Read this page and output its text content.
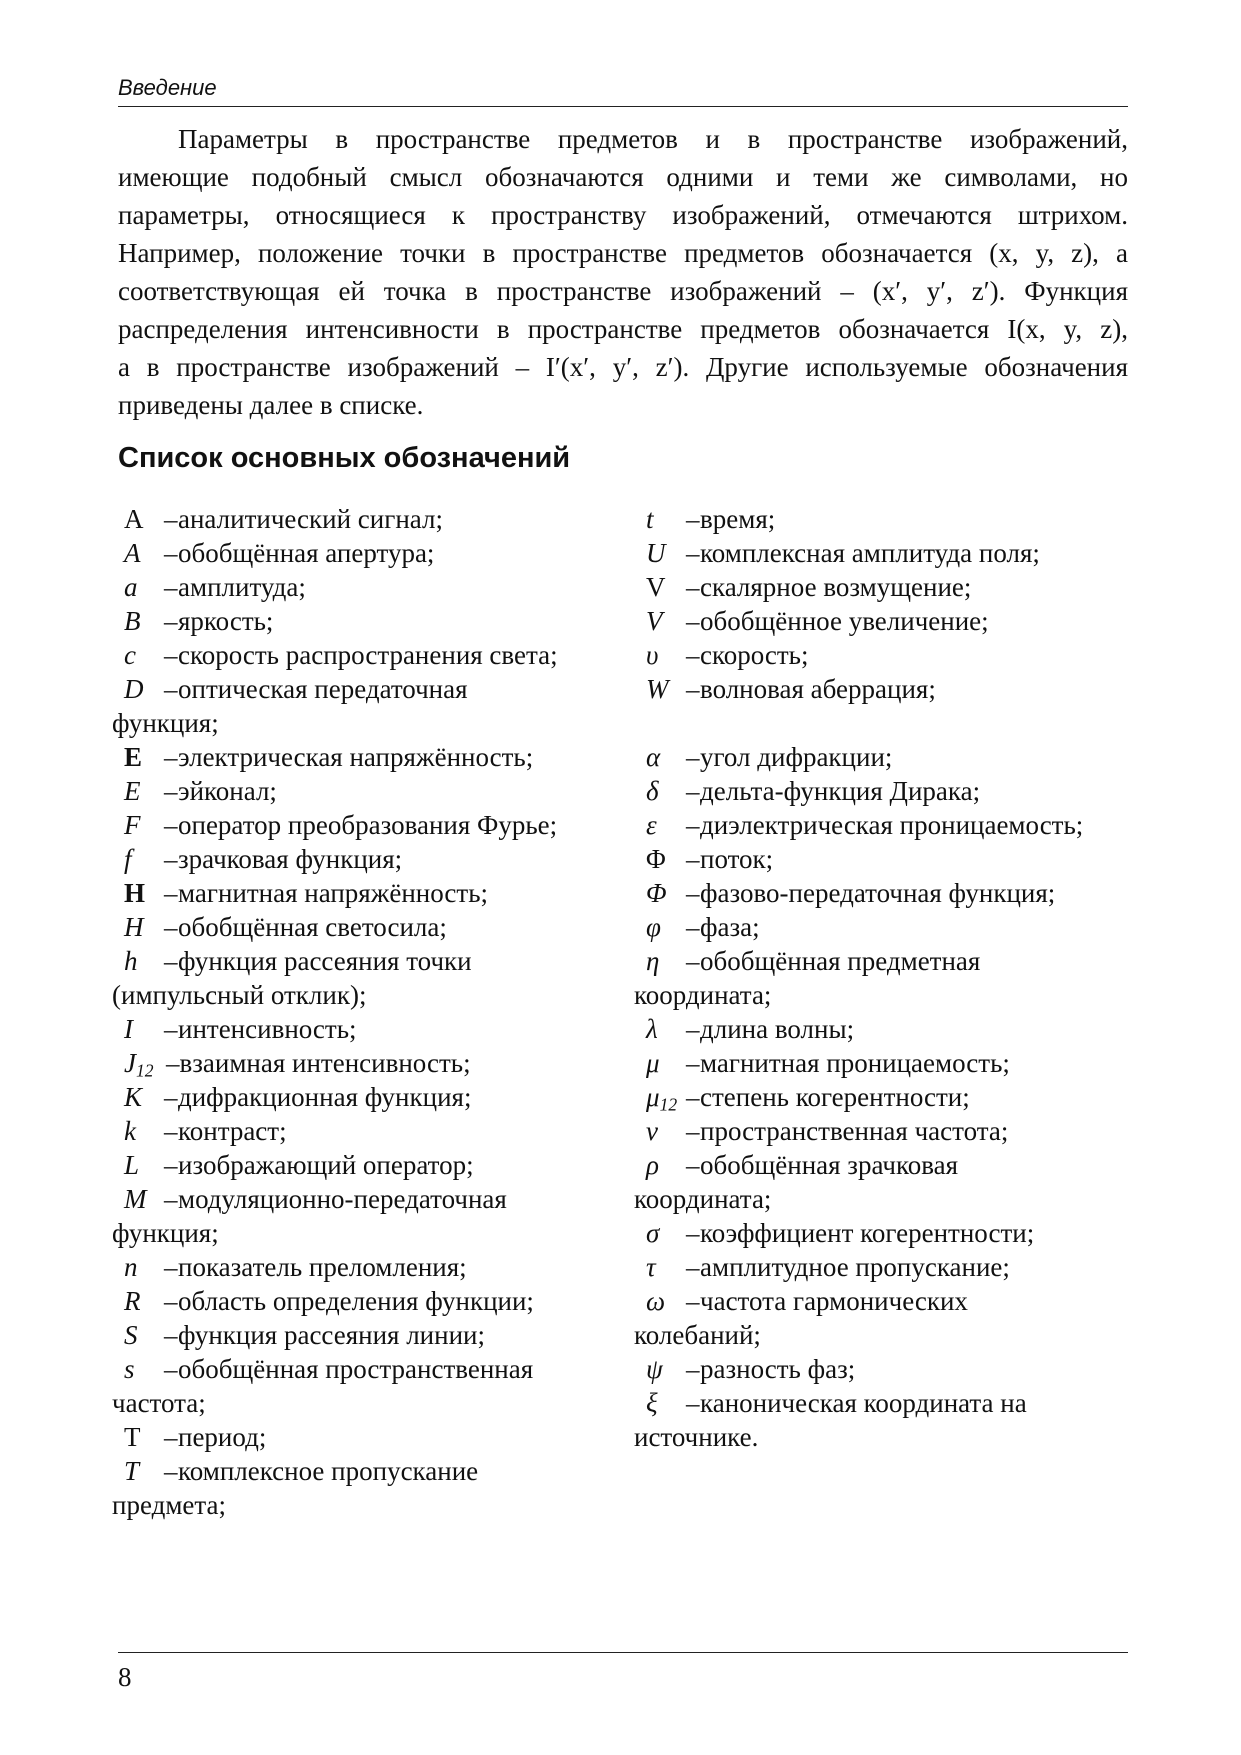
Введение
Параметры в пространстве предметов и в пространстве изображений,
имеющие подобный смысл обозначаются одними и теми же символами, но
параметры, относящиеся к пространству изображений, отмечаются штрихом.
Например, положение точки в пространстве предметов обозначается (x, y, z), а
соответствующая ей точка в пространстве изображений – (x′, y′, z′). Функция
распределения интенсивности в пространстве предметов обозначается I(x, y, z),
а в пространстве изображений – I′(x′, y′, z′). Другие используемые обозначения
приведены далее в списке.
Список основных обозначений
A – аналитический сигнал;
A – обобщённая апертура;
a – амплитуда;
B – яркость;
c	– скорость распространения света;
D – оптическая передаточная
функция;
E – электрическая напряжённость;
E – эйконал;
F – оператор преобразования Фурье;
f	– зрачковая функция;
H – магнитная напряжённость;
H – обобщённая светосила;
h – функция рассеяния точки
(импульсный отклик);
I	– интенсивность;
$J_{12}$ –взаимная интенсивность;
K – дифракционная функция;
k	– контраст;
L – изображающий оператор;
M – модуляционно-передаточная
функция;
n – показатель преломления;
R – область определения функции;
S – функция рассеяния линии;
s	– обобщённая пространственная
частота;
T – период;
T – комплексное пропускание
предмета;
t	– время;
U – комплексная амплитуда поля;
V – скалярное возмущение;
V – обобщённое увеличение;
υ	– скорость;
W – волновая аберрация;
α – угол дифракции;
δ	– дельта-функция Дирака;
ε	– диэлектрическая проницаемость;
Φ – поток;
Φ – фазово-передаточная функция;
φ – фаза;
η – обобщённая предметная
координата;
λ	– длина волны;
μ – магнитная проницаемость;
$\mu_{12}$ – степень когерентности;
ν	– пространственная частота;
ρ	– обобщённая зрачковая
координата;
σ – коэффициент когерентности;
τ	– амплитудное пропускание;
ω – частота гармонических
колебаний;
ψ – разность фаз;
ξ	– каноническая координата на
источнике.
8
